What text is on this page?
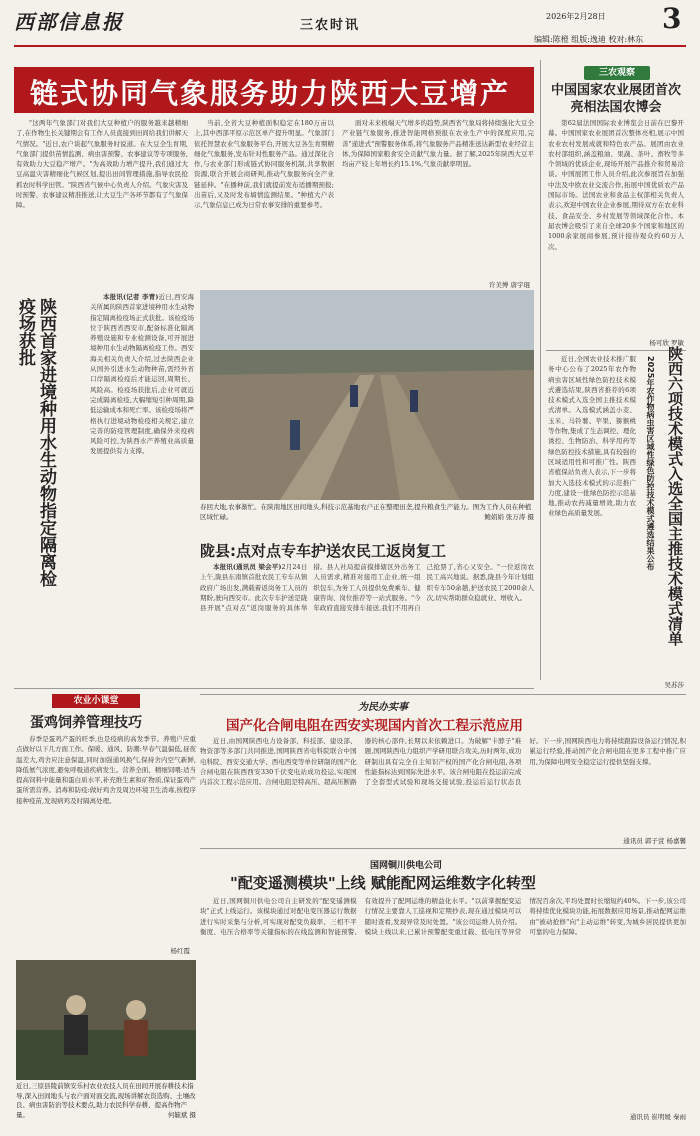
西部信息报	三农时讯
2026年2月28日 3
编辑:陈橙 组版:逸迪 校对:林东
链式协同气象服务助力陕西大豆增产

"这两年气象部门对我们大豆种植户的服务越来越精细了,在作物生长关键期会有工作人员直接到田间给我们讲解天气情况。"近日,农户谈起气象服务时说道。在大豆全生育期,气象部门提供苗情监测、病虫害预警、农事建议等专项服务,有效助力大豆稳产增产。"为高效助力增产提升,我们通过大豆高温灾害精细化气候区划,提出田间管理措施,指导农民抢抓农时科学田管。"陕西省气候中心负责人介绍。气象灾害及时预警、农事建议精准推送,让大豆生产各环节都有了气象保障。

当前,全省大豆种植面积稳定在180万亩以上,其中西部平原示范区单产提升明显。气象部门依托智慧农业气象服务平台,开展大豆各生育期精细化气象服务,发布针对性服务产品。通过深化合作,与农业部门形成链式协同服务机制,共享数据资源,联合开展会商研判,推动气象服务向全产业链延伸。"在播种前,我们就提前发布适播期预报;出苗后,又及时发布墒情监测结果。"种植大户表示,气象信息已成为日常农事安排的重要参考。

面对未来极端天气增多的趋势,陕西省气象局将持续强化大豆全产业链气象服务,推进智能网格预报在农业生产中的深度应用,完善"递进式"预警服务体系,将气象服务产品精准送达新型农业经营主体,为保障国家粮食安全贡献气象力量。据了解,2025年陕西大豆平均亩产较上年增长约15.1%,气象贡献率明显。

许美博 唐宇琨
陕西首家进境种用水生动物指定隔离检疫场获批

本报讯(记者 李青)近日,西安海关所属的陕西首家进境种用水生动物指定隔离检疫场正式获批。该检疫场位于陕西省西安市,配备标准化隔离养殖设施和专业检测设备,可开展进境种用水生动物隔离检疫工作。西安海关相关负责人介绍,过去陕西企业从国外引进水生动物种苗,需经外省口岸隔离检疫后才能运回,周期长、风险高。检疫场获批后,企业可就近完成隔离检疫,大幅缩短引种周期,降低运输成本和死亡率。该检疫场将严格执行进境动物检疫相关规定,建立完善的防疫管理制度,确保外来疫病风险可控,为陕西水产养殖业高质量发展提供有力支撑。

春回大地,农事渐忙。在陕南地区田间地头,科技示范基地农户正在整理田垄,提升粮食生产能力。图为工作人员在种植区域忙碌。	鲍娟娟 张万涛 摄
陇县:点对点专车护送农民工返岗复工

本报讯(通讯员 梁会平)2月24日上午,陇县东南镇首批农民工专车从镇政府广场出发,满载着返岗务工人员的期盼,驶向西安市。此次专车护送是陇县开展"点对点"返岗服务的具体举措。县人社局提前摸排辖区外出务工人员需求,精准对接用工企业,统一组织包车,为务工人员提供免费乘车、健康咨询、岗位推荐等一站式服务。"今年政府直接安排车接送,我们不用再自己抢票了,省心又安全。"一位返岗农民工高兴地说。据悉,陇县今年计划组织专车50余趟,护送农民工2000余人次,切实帮助群众稳就业、增收入。

农业小课堂
蛋鸡饲养管理技巧

春季是蛋鸡产蛋的旺季,也是疫病的高发季节。养殖户应重点做好以下几方面工作。保暖、通风、防潮:早春气温偏低,昼夜温差大,鸡舍应注意保温,同时加强通风换气,保持舍内空气新鲜,降低氨气浓度,避免呼吸道疾病发生。营养全面、精细饲喂:适当提高饲料中能量和蛋白质水平,补充维生素和矿物质,保证蛋鸡产蛋所需营养。消毒和防疫:做好鸡舍及周边环境卫生消毒,按程序接种疫苗,发现病鸡及时隔离处理。

杨红霞
近日,三原县陵前镇安乐村农业农技人员在田间开展春耕技术指导,深入田间地头与农户面对面交流,现场讲解农资选购、土壤改良、病虫害防治等技术要点,助力农民科学春耕、提高作物产量。	何毓斌 摄
三农观察
中国国家农业展团首次亮相法国农博会

第62届法国国际农业博览会日前在巴黎开幕。中国国家农业展团首次整体亮相,展示中国农业农村发展成就和特色农产品。展团由农业农村部组织,涵盖粮油、果蔬、茶叶、畜牧等多个领域的优质企业,现场开展产品推介和贸易洽谈。中国展团工作人员介绍,此次参展旨在加强中法及中欧农业交流合作,拓展中国优质农产品国际市场。法国农业和食品主权部相关负责人表示,欢迎中国农业企业参展,期待双方在农业科技、食品安全、乡村发展等领域深化合作。本届农博会吸引了来自全球20多个国家和地区的1000余家展商参展,预计接待观众约60万人次。

杨可欣 罗敏

近日,全国农业技术推广服务中心公布了2025年农作物病虫害区域性绿色防控技术模式遴选结果,陕西省推荐的6项技术模式入选全国主推技术模式清单。入选模式涵盖小麦、玉米、马铃薯、苹果、猕猴桃等作物,集成了生态调控、理化诱控、生物防治、科学用药等绿色防控技术措施,具有较强的区域适用性和可推广性。陕西省植保站负责人表示,下一步将加大入选技术模式的示范推广力度,建设一批绿色防控示范基地,推动农药减量增效,助力农业绿色高质量发展。	陕西六项技术模式入选全国主推技术模式清单
2025年农作物病虫害区域性绿色防控技术模式遴选结果公布
吴苏莎
为民办实事
国产化合闸电阻在西安实现国内首次工程示范应用

近日,由国网陕西电力设备部、科技部、建设部、物资部等多部门共同推进,国网陕西省电科院联合中国电科院、西安交通大学、西电西变等单位研制的国产化合闸电阻在陕西西安330千伏变电站成功投运,实现国内首次工程示范应用。合闸电阻是特高压、超高压断路器的核心部件,长期以来依赖进口。为破解"卡脖子"难题,国网陕西电力组织产学研用联合攻关,历时两年,成功研制出具有完全自主知识产权的国产化合闸电阻,各项性能指标达到国际先进水平。该合闸电阻在投运前完成了全套型式试验和现场交接试验,投运后运行状态良好。下一步,国网陕西电力将持续跟踪设备运行情况,积累运行经验,推动国产化合闸电阻在更多工程中推广应用,为保障电网安全稳定运行提供坚强支撑。

通讯员 郭子萱 杨嘉馨
国网铜川供电公司
"配变遥测模块"上线 赋能配网运维数字化转型

近日,国网铜川供电公司自主研发的"配变遥测模块"正式上线运行。该模块通过对配电变压器运行数据进行实时采集与分析,可实现对配变负载率、三相不平衡度、电压合格率等关键指标的在线监测和智能预警,有效提升了配网运维的精益化水平。"以前掌握配变运行情况主要靠人工巡视和定期抄表,现在通过模块可以随时查看,发现异常及时处置。"该公司运维人员介绍。模块上线以来,已累计预警配变重过载、低电压等异常情况百余次,平均处置时长缩短约40%。下一步,该公司将持续优化模块功能,拓展数据应用场景,推动配网运维由"被动抢修"向"主动运维"转变,为城乡居民提供更加可靠的电力保障。

通讯员 崔明媛 秦雨
